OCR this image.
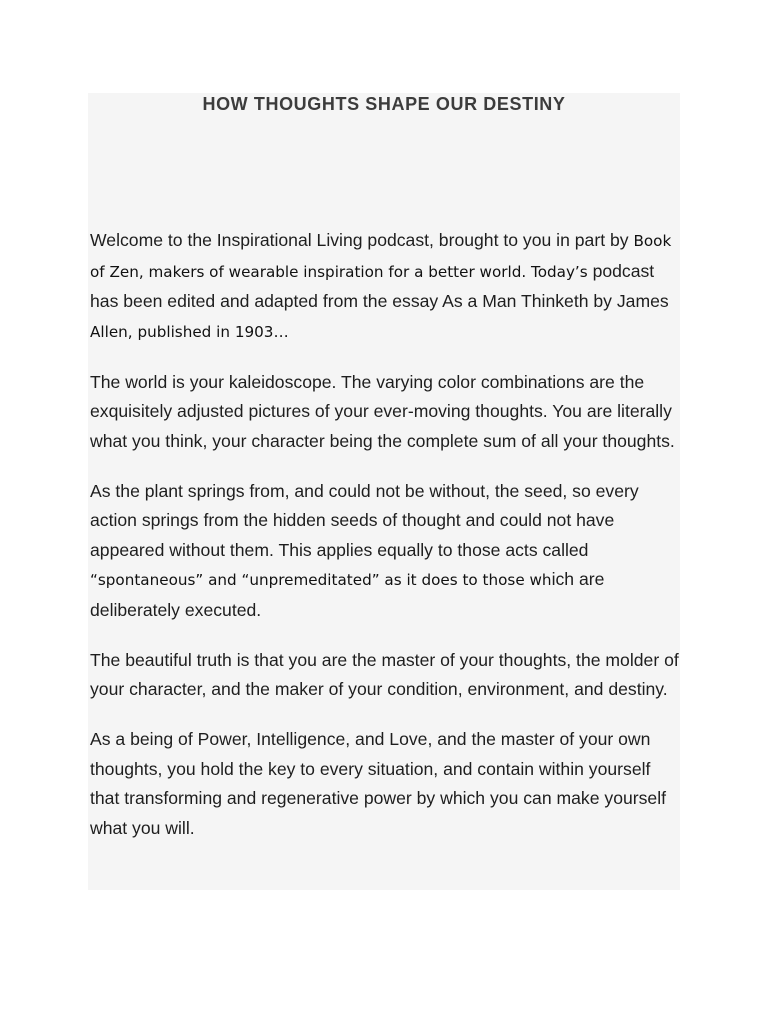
HOW THOUGHTS SHAPE OUR DESTINY

Welcome to the Inspirational Living podcast, brought to you in part by Book of Zen, makers of wearable inspiration for a better world. Today’s podcast has been edited and adapted from the essay As a Man Thinketh by James Allen, published in 1903…

The world is your kaleidoscope. The varying color combinations are the exquisitely adjusted pictures of your ever-moving thoughts. You are literally what you think, your character being the complete sum of all your thoughts.

As the plant springs from, and could not be without, the seed, so every action springs from the hidden seeds of thought and could not have appeared without them. This applies equally to those acts called “spontaneous” and “unpremeditated” as it does to those which are deliberately executed.

The beautiful truth is that you are the master of your thoughts, the molder of your character, and the maker of your condition, environment, and destiny.

As a being of Power, Intelligence, and Love, and the master of your own thoughts, you hold the key to every situation, and contain within yourself that transforming and regenerative power by which you can make yourself what you will.
